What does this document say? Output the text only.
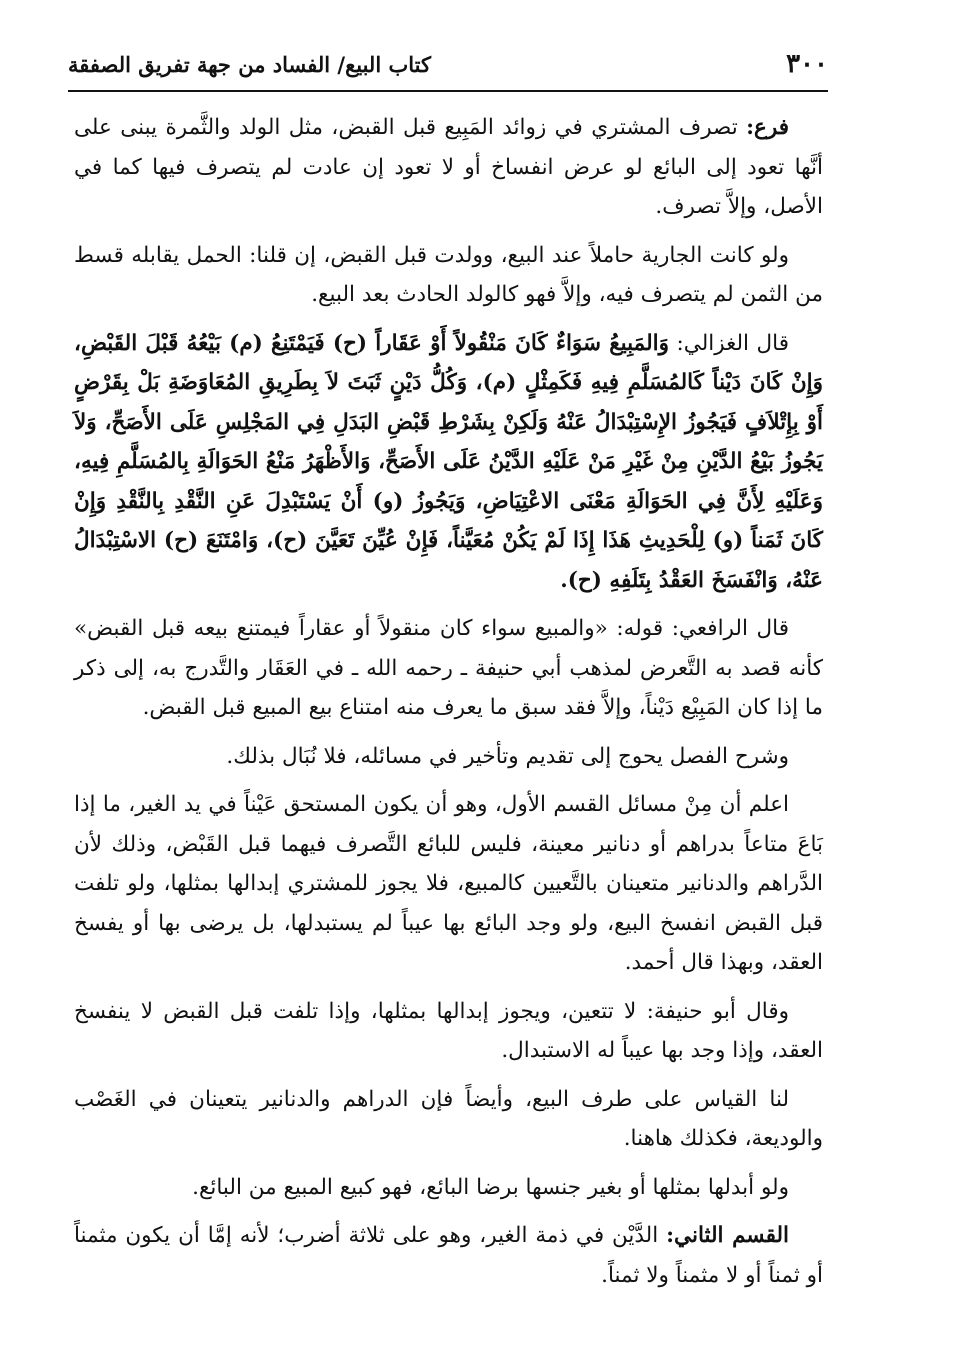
٣٠٠
كتاب البيع/ الفساد من جهة تفريق الصفقة

فرع: تصرف المشتري في زوائد المَبِيع قبل القبض، مثل الولد والثَّمرة يبنى على أنَّها تعود إلى البائع لو عرض انفساخ أو لا تعود إن عادت لم يتصرف فيها كما في الأصل، وإلاَّ تصرف.

ولو كانت الجارية حاملاً عند البيع، وولدت قبل القبض، إن قلنا: الحمل يقابله قسط من الثمن لم يتصرف فيه، وإلاَّ فهو كالولد الحادث بعد البيع.

قال الغزالي: وَالمَبِيعُ سَوَاءٌ كَانَ مَنْقُولاً أَوْ عَقَاراً (ح) فَيَمْتَنِعُ (م) بَيْعُهُ قَبْلَ القَبْضِ، وَإِنْ كَانَ دَيْناً كَالمُسَلَّمِ فِيهِ فَكَمِثْلٍ (م)، وَكُلُّ دَيْنٍ ثَبَتَ لاَ بِطَرِيقِ المُعَاوَضَةِ بَلْ بِقَرْضٍ أَوْ بِإِتْلاَفٍ فَيَجُوزُ الإِسْتِبْدَالُ عَنْهُ وَلَكِنْ بِشَرْطِ قَبْضِ البَدَلِ فِي المَجْلِسِ عَلَى الأَصَحِّ، وَلاَ يَجُوزُ بَيْعُ الدَّيْنِ مِنْ غَيْرِ مَنْ عَلَيْهِ الدَّيْنُ عَلَى الأَصَحِّ، وَالأَظْهَرُ مَنْعُ الحَوَالَةِ بِالمُسَلَّمِ فِيهِ، وَعَلَيْهِ لِأَنَّ فِي الحَوَالَةِ مَعْنَى الاعْتِيَاضِ، وَيَجُوزُ (و) أَنْ يَسْتَبْدِلَ عَنِ النَّقْدِ بِالنَّقْدِ وَإِنْ كَانَ ثَمَناً (و) لِلْحَدِيثِ هَذَا إِذَا لَمْ يَكُنْ مُعَيَّناً، فَإِنْ عُيِّنَ تَعَيَّنَ (ح)، وَامْتَنَعَ (ح) الاسْتِبْدَالُ عَنْهُ، وَانْفَسَخَ العَقْدُ بِتَلَفِهِ (ح).

قال الرافعي: قوله: «والمبيع سواء كان منقولاً أو عقاراً فيمتنع بيعه قبل القبض» كأنه قصد به التَّعرض لمذهب أبي حنيفة ـ رحمه الله ـ في العَقَار والتَّدرج به، إلى ذكر ما إذا كان المَبِيْع دَيْناً، وإلاَّ فقد سبق ما يعرف منه امتناع بيع المبيع قبل القبض.

وشرح الفصل يحوج إلى تقديم وتأخير في مسائله، فلا نُبَال بذلك.

اعلم أن مِنْ مسائل القسم الأول، وهو أن يكون المستحق عَيْناً في يد الغير، ما إذا بَاعَ متاعاً بدراهم أو دنانير معينة، فليس للبائع التَّصرف فيهما قبل القَبْض، وذلك لأن الدَّراهم والدنانير متعينان بالتَّعيين كالمبيع، فلا يجوز للمشتري إبدالها بمثلها، ولو تلفت قبل القبض انفسخ البيع، ولو وجد البائع بها عيباً لم يستبدلها، بل يرضى بها أو يفسخ العقد، وبهذا قال أحمد.

وقال أبو حنيفة: لا تتعين، ويجوز إبدالها بمثلها، وإذا تلفت قبل القبض لا ينفسخ العقد، وإذا وجد بها عيباً له الاستبدال.

لنا القياس على طرف البيع، وأيضاً فإن الدراهم والدنانير يتعينان في الغَصْب والوديعة، فكذلك هاهنا.

ولو أبدلها بمثلها أو بغير جنسها برضا البائع، فهو كبيع المبيع من البائع.

القسم الثاني: الدَّيْن في ذمة الغير، وهو على ثلاثة أضرب؛ لأنه إمَّا أن يكون مثمناً أو ثمناً أو لا مثمناً ولا ثمناً.
